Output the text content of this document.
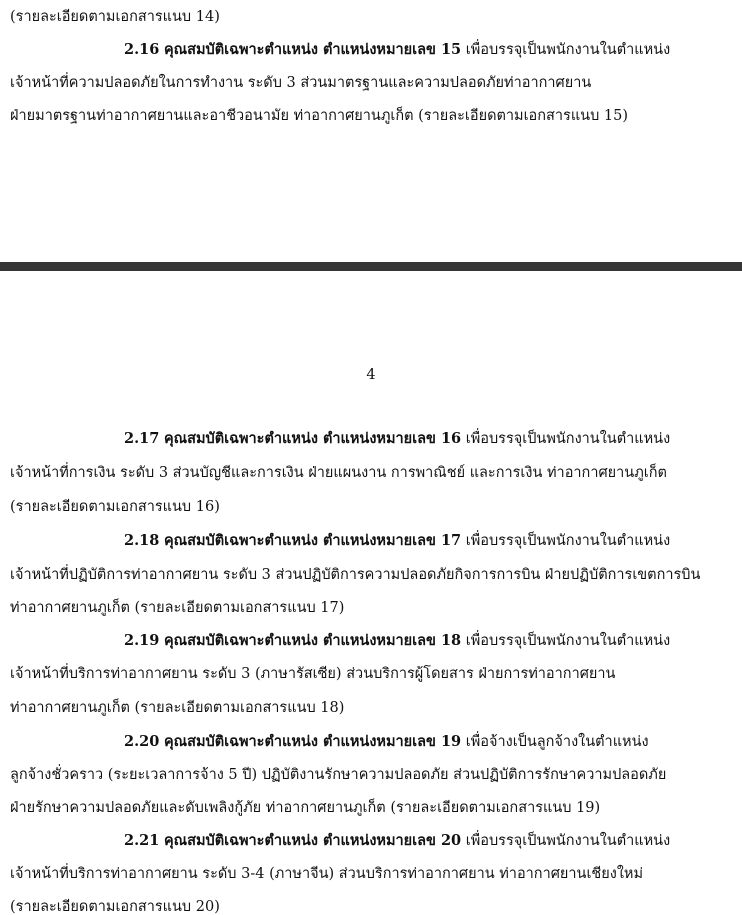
(รายละเอียดตามเอกสารแนบ 14)
2.16 คุณสมบัติเฉพาะตำแหน่ง ตำแหน่งหมายเลข 15 เพื่อบรรจุเป็นพนักงานในตำแหน่ง
เจ้าหน้าที่ความปลอดภัยในการทำงาน ระดับ 3 ส่วนมาตรฐานและความปลอดภัยท่าอากาศยาน
ฝ่ายมาตรฐานท่าอากาศยานและอาชีวอนามัย ท่าอากาศยานภูเก็ต (รายละเอียดตามเอกสารแนบ 15)
4
2.17 คุณสมบัติเฉพาะตำแหน่ง ตำแหน่งหมายเลข 16 เพื่อบรรจุเป็นพนักงานในตำแหน่ง
เจ้าหน้าที่การเงิน ระดับ 3 ส่วนบัญชีและการเงิน ฝ่ายแผนงาน การพาณิชย์ และการเงิน ท่าอากาศยานภูเก็ต
(รายละเอียดตามเอกสารแนบ 16)
2.18 คุณสมบัติเฉพาะตำแหน่ง ตำแหน่งหมายเลข 17 เพื่อบรรจุเป็นพนักงานในตำแหน่ง
เจ้าหน้าที่ปฏิบัติการท่าอากาศยาน ระดับ 3 ส่วนปฏิบัติการความปลอดภัยกิจการการบิน ฝ่ายปฏิบัติการเขตการบิน
ท่าอากาศยานภูเก็ต (รายละเอียดตามเอกสารแนบ 17)
2.19 คุณสมบัติเฉพาะตำแหน่ง ตำแหน่งหมายเลข 18 เพื่อบรรจุเป็นพนักงานในตำแหน่ง
เจ้าหน้าที่บริการท่าอากาศยาน ระดับ 3 (ภาษารัสเซีย) ส่วนบริการผู้โดยสาร ฝ่ายการท่าอากาศยาน
ท่าอากาศยานภูเก็ต (รายละเอียดตามเอกสารแนบ 18)
2.20 คุณสมบัติเฉพาะตำแหน่ง ตำแหน่งหมายเลข 19 เพื่อจ้างเป็นลูกจ้างในตำแหน่ง
ลูกจ้างชั่วคราว (ระยะเวลาการจ้าง 5 ปี) ปฏิบัติงานรักษาความปลอดภัย ส่วนปฏิบัติการรักษาความปลอดภัย
ฝ่ายรักษาความปลอดภัยและดับเพลิงกู้ภัย ท่าอากาศยานภูเก็ต (รายละเอียดตามเอกสารแนบ 19)
2.21 คุณสมบัติเฉพาะตำแหน่ง ตำแหน่งหมายเลข 20 เพื่อบรรจุเป็นพนักงานในตำแหน่ง
เจ้าหน้าที่บริการท่าอากาศยาน ระดับ 3-4 (ภาษาจีน) ส่วนบริการท่าอากาศยาน ท่าอากาศยานเชียงใหม่
(รายละเอียดตามเอกสารแนบ 20)
